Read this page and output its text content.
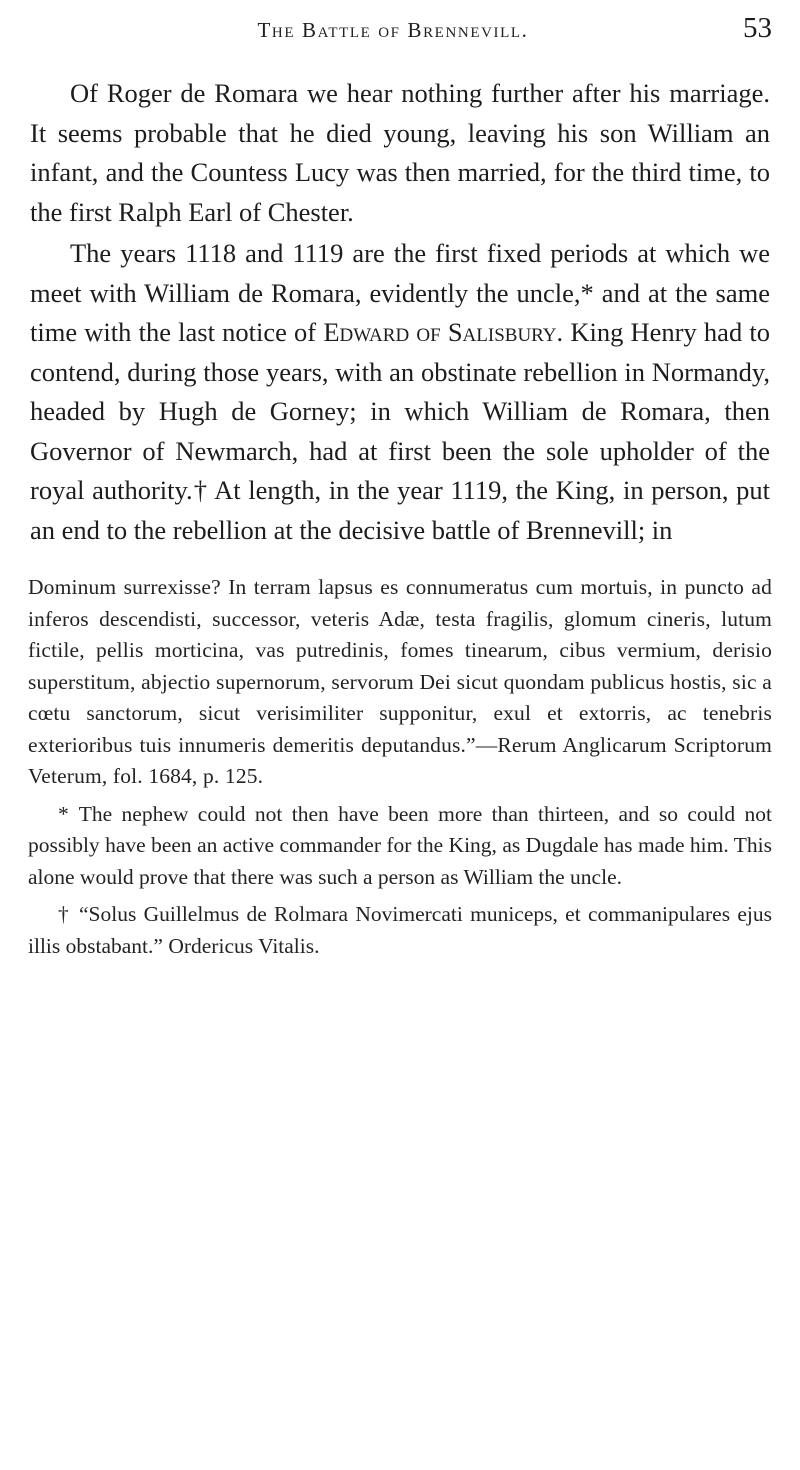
The Battle of Brennevill.	53

Of Roger de Romara we hear nothing further after his marriage. It seems probable that he died young, leaving his son William an infant, and the Countess Lucy was then married, for the third time, to the first Ralph Earl of Chester.

The years 1118 and 1119 are the first fixed periods at which we meet with William de Romara, evidently the uncle,* and at the same time with the last notice of Edward of Salisbury. King Henry had to contend, during those years, with an obstinate rebellion in Normandy, headed by Hugh de Gorney; in which William de Romara, then Governor of Newmarch, had at first been the sole upholder of the royal authority.† At length, in the year 1119, the King, in person, put an end to the rebellion at the decisive battle of Brennevill; in

Dominum surrexisse? In terram lapsus es connumeratus cum mortuis, in puncto ad inferos descendisti, successor, veteris Adæ, testa fragilis, glomum cineris, lutum fictile, pellis morticina, vas putredinis, fomes tinearum, cibus vermium, derisio superstitum, abjectio supernorum, servorum Dei sicut quondam publicus hostis, sic a cœtu sanctorum, sicut verisimiliter supponitur, exul et extorris, ac tenebris exterioribus tuis innumeris demeritis deputandus.”—Rerum Anglicarum Scriptorum Veterum, fol. 1684, p. 125.

* The nephew could not then have been more than thirteen, and so could not possibly have been an active commander for the King, as Dugdale has made him. This alone would prove that there was such a person as William the uncle.

† “Solus Guillelmus de Rolmara Novimercati municeps, et commanipulares ejus illis obstabant.” Ordericus Vitalis.
